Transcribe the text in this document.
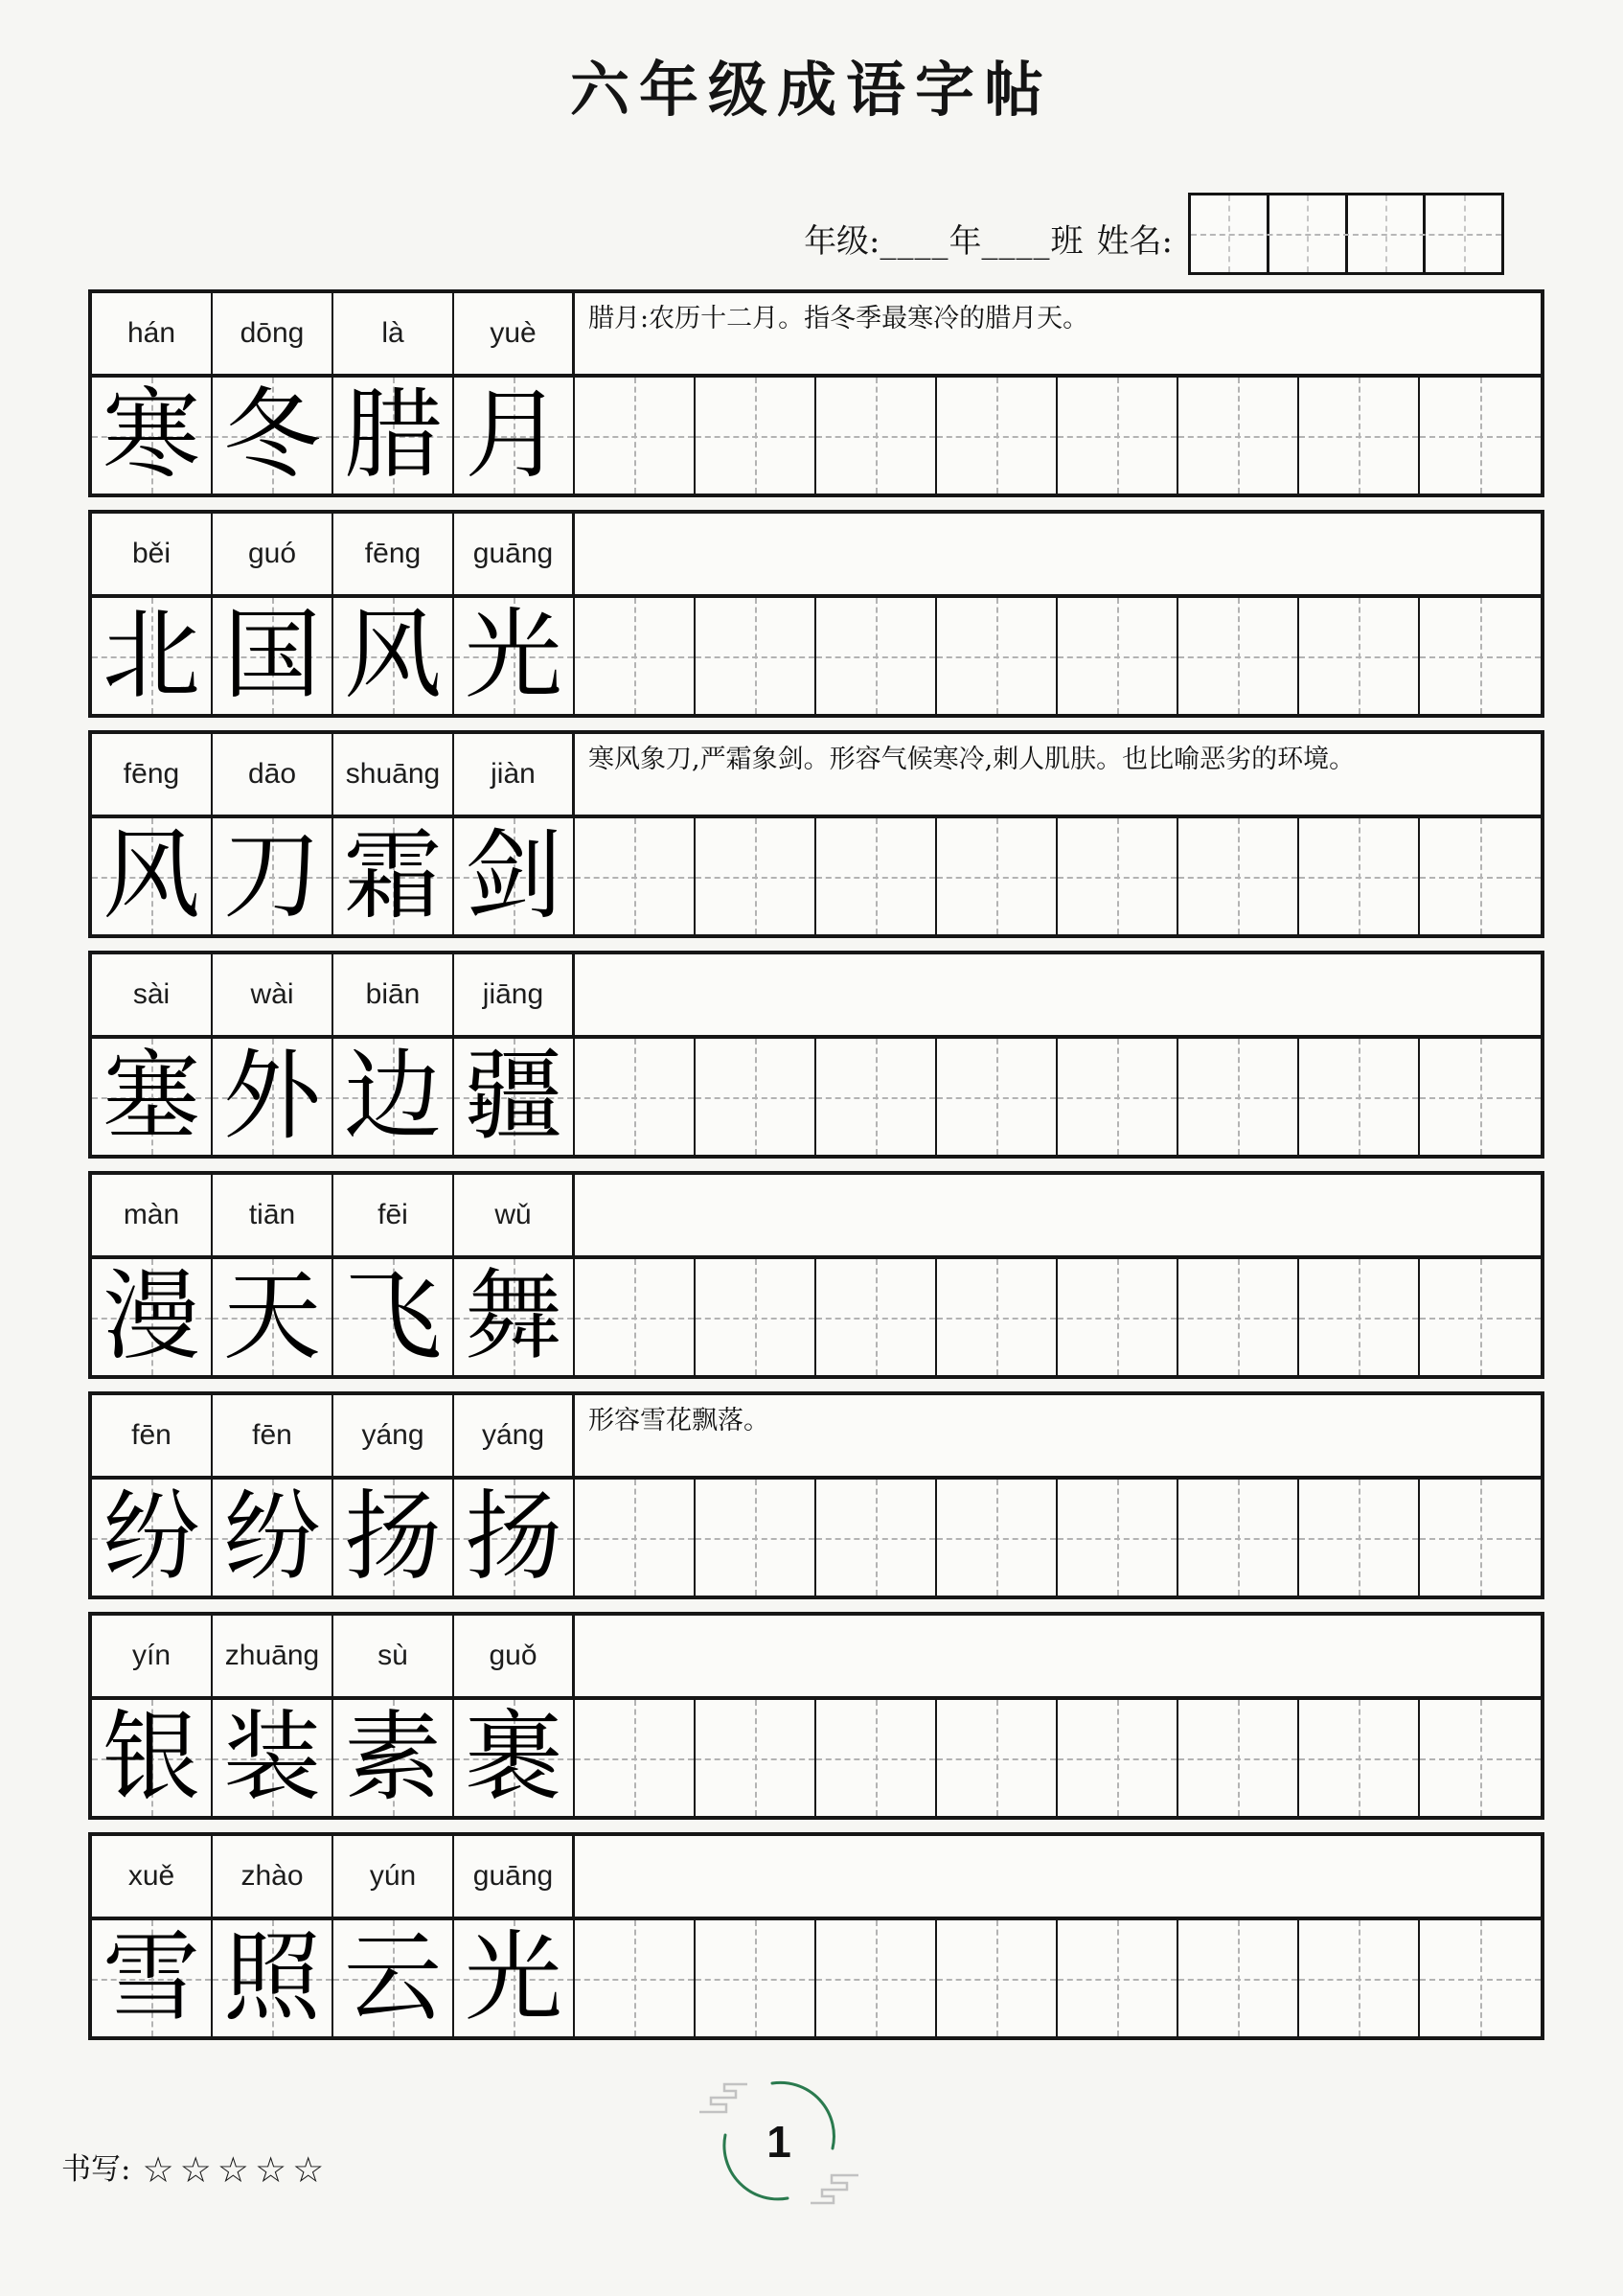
六年级成语字帖
年级:____年____班 姓名:
hán	dōng	là	yuè	腊月:农历十二月。指冬季最寒冷的腊月天。
寒 冬 腊 月
běi	guó	fēng	guāng
北 国 风 光
fēng	dāo	shuāng	jiàn	寒风象刀,严霜象剑。形容气候寒冷,刺人肌肤。也比喻恶劣的环境。
风 刀 霜 剑
sài	wài	biān	jiāng
塞 外 边 疆
màn	tiān	fēi	wǔ
漫 天 飞 舞
fēn	fēn	yáng	yáng	形容雪花飘落。
纷 纷 扬 扬
yín	zhuāng	sù	guǒ
银 装 素 裹
xuě	zhào	yún	guāng
雪 照 云 光
书写: ☆☆☆☆☆
1
